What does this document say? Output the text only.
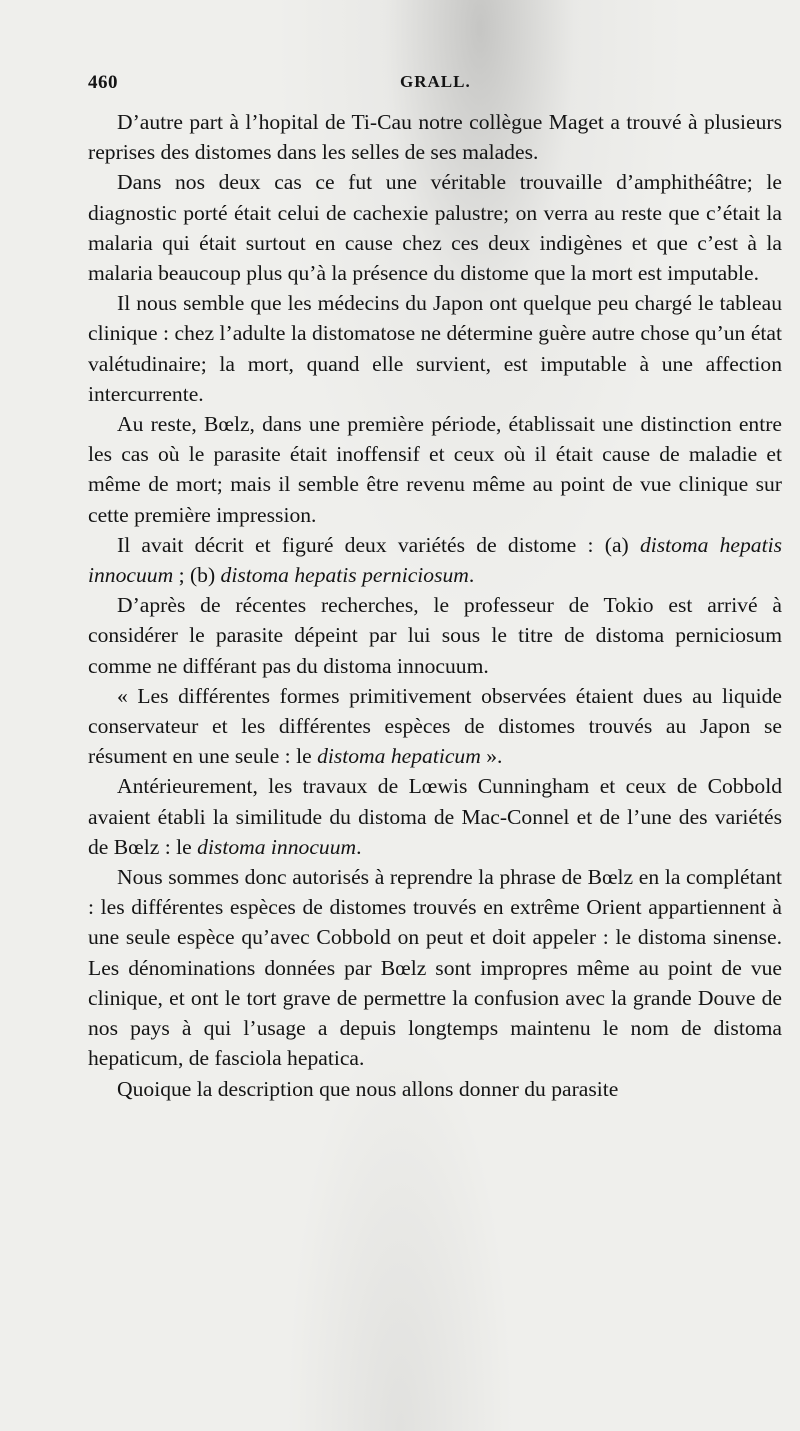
460	GRALL.

D’autre part à l’hopital de Ti-Cau notre collègue Maget a trouvé à plusieurs reprises des distomes dans les selles de ses malades.

Dans nos deux cas ce fut une véritable trouvaille d’amphithéâtre; le diagnostic porté était celui de cachexie palustre; on verra au reste que c’était la malaria qui était surtout en cause chez ces deux indigènes et que c’est à la malaria beaucoup plus qu’à la présence du distome que la mort est imputable.

Il nous semble que les médecins du Japon ont quelque peu chargé le tableau clinique : chez l’adulte la distomatose ne détermine guère autre chose qu’un état valétudinaire; la mort, quand elle survient, est imputable à une affection intercurrente.

Au reste, Bœlz, dans une première période, établissait une distinction entre les cas où le parasite était inoffensif et ceux où il était cause de maladie et même de mort; mais il semble être revenu même au point de vue clinique sur cette première impression.

Il avait décrit et figuré deux variétés de distome : (a) distoma hepatis innocuum ; (b) distoma hepatis perniciosum.

D’après de récentes recherches, le professeur de Tokio est arrivé à considérer le parasite dépeint par lui sous le titre de distoma perniciosum comme ne différant pas du distoma innocuum.

« Les différentes formes primitivement observées étaient dues au liquide conservateur et les différentes espèces de distomes trouvés au Japon se résument en une seule : le distoma hepaticum ».

Antérieurement, les travaux de Lœwis Cunningham et ceux de Cobbold avaient établi la similitude du distoma de Mac-Connel et de l’une des variétés de Bœlz : le distoma innocuum.

Nous sommes donc autorisés à reprendre la phrase de Bœlz en la complétant : les différentes espèces de distomes trouvés en extrême Orient appartiennent à une seule espèce qu’avec Cobbold on peut et doit appeler : le distoma sinense. Les dénominations données par Bœlz sont impropres même au point de vue clinique, et ont le tort grave de permettre la confusion avec la grande Douve de nos pays à qui l’usage a depuis longtemps maintenu le nom de distoma hepaticum, de fasciola hepatica.

Quoique la description que nous allons donner du parasite
